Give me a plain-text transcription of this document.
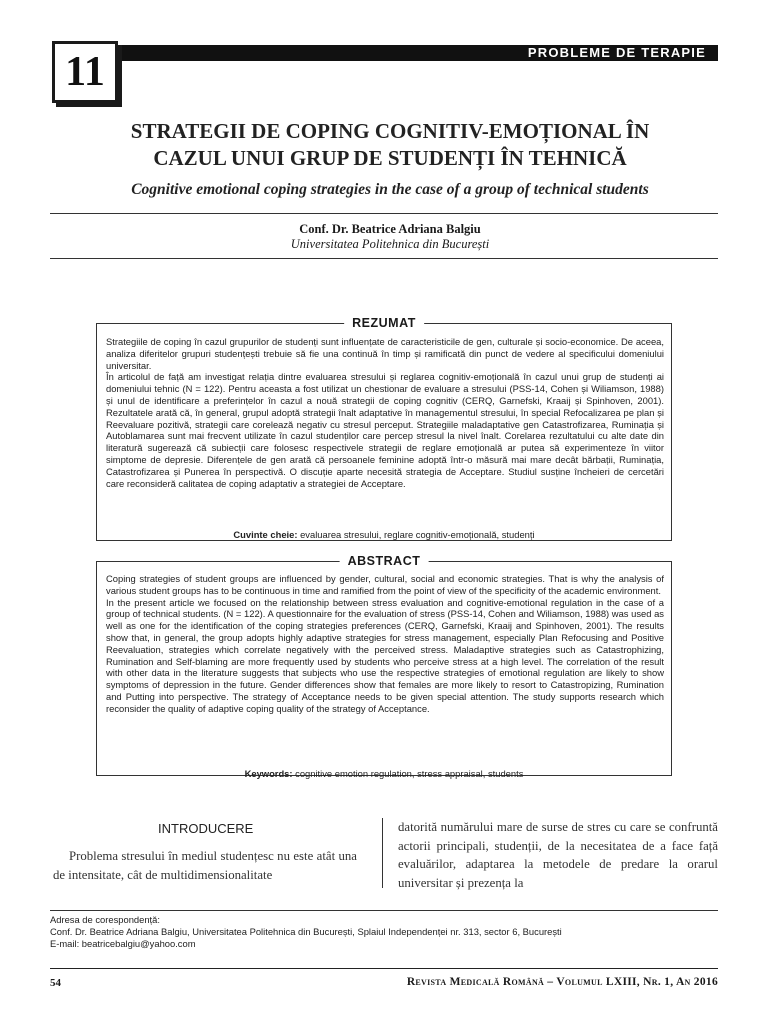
PROBLEME DE TERAPIE
11
STRATEGII DE COPING COGNITIV-EMOȚIONAL ÎN
CAZUL UNUI GRUP DE STUDENȚI ÎN TEHNICĂ
Cognitive emotional coping strategies in the case of a group of technical students
Conf. Dr. Beatrice Adriana Balgiu
Universitatea Politehnica din București
REZUMAT

Strategiile de coping în cazul grupurilor de studenți sunt influențate de caracteristicile de gen, culturale și socio-economice. De aceea, analiza diferitelor grupuri studențești trebuie să fie una continuă în timp și ramificată din punct de vedere al specificului domeniului universitar.

În articolul de față am investigat relația dintre evaluarea stresului și reglarea cognitiv-emoțională în cazul unui grup de studenți ai domeniului tehnic (N = 122). Pentru aceasta a fost utilizat un chestionar de evaluare a stresului (PSS-14, Cohen și Wiliamson, 1988) și unul de identificare a preferințelor în cazul a nouă strategii de coping cognitiv (CERQ, Garnefski, Kraaij și Spinhoven, 2001). Rezultatele arată că, în general, grupul adoptă strategii înalt adaptative în managementul stresului, în special Refocalizarea pe plan și Reevaluare pozitivă, strategii care corelează negativ cu stresul perceput. Strategiile maladaptative gen Catastrofizarea, Ruminația și Autoblamarea sunt mai frecvent utilizate în cazul studenților care percep stresul la nivel înalt. Corelarea rezultatului cu alte date din literatură sugerează că subiecții care folosesc respectivele strategii de reglare emoțională ar putea să experimenteze în viitor simptome de depresie. Diferențele de gen arată că persoanele feminine adoptă într-o măsură mai mare decât bărbații, Ruminația, Catastrofizarea și Punerea în perspectivă. O discuție aparte necesită strategia de Acceptare. Studiul susține încheieri de cercetări care reconsideră calitatea de coping adaptativ a strategiei de Acceptare.

Cuvinte cheie: evaluarea stresului, reglare cognitiv-emoțională, studenți
ABSTRACT

Coping strategies of student groups are influenced by gender, cultural, social and economic strategies. That is why the analysis of various student groups has to be continuous in time and ramified from the point of view of the specificity of the academic environment.

In the present article we focused on the relationship between stress evaluation and cognitive-emotional regulation in the case of a group of technical students. (N = 122). A questionnaire for the evaluation of stress (PSS-14, Cohen and Wiliamson, 1988) was used as well as one for the identification of the coping strategies preferences (CERQ, Garnefski, Kraaij and Spinhoven, 2001). The results show that, in general, the group adopts highly adaptive strategies for stress management, especially Plan Refocusing and Positive Reevaluation, strategies which correlate negatively with the perceived stress. Maladaptive strategies such as Catastrophizing, Rumination and Self-blaming are more frequently used by students who perceive stress at a high level. The correlation of the result with other data in the literature suggests that subjects who use the respective strategies of emotional regulation are likely to show symptoms of depression in the future. Gender differences show that females are more likely to resort to Catastropizing, Rumination and Putting into perspective. The strategy of Acceptance needs to be given special attention. The study supports research which reconsider the quality of adaptive coping quality of the strategy of Acceptance.

Keywords: cognitive emotion regulation, stress appraisal, students
INTRODUCERE

Problema stresului în mediul studențesc nu este atât una de intensitate, cât de multidimensionalitate

datorită numărului mare de surse de stres cu care se confruntă actorii principali, studenții, de la necesitatea de a face față evaluărilor, adaptarea la metodele de predare la orarul universitar și prezența la

Adresa de corespondență:
Conf. Dr. Beatrice Adriana Balgiu, Universitatea Politehnica din București, Splaiul Independenței nr. 313, sector 6, București
E-mail: beatricebalgiu@yahoo.com
54	Revista Medicală Română – Volumul LXIII, Nr. 1, An 2016
